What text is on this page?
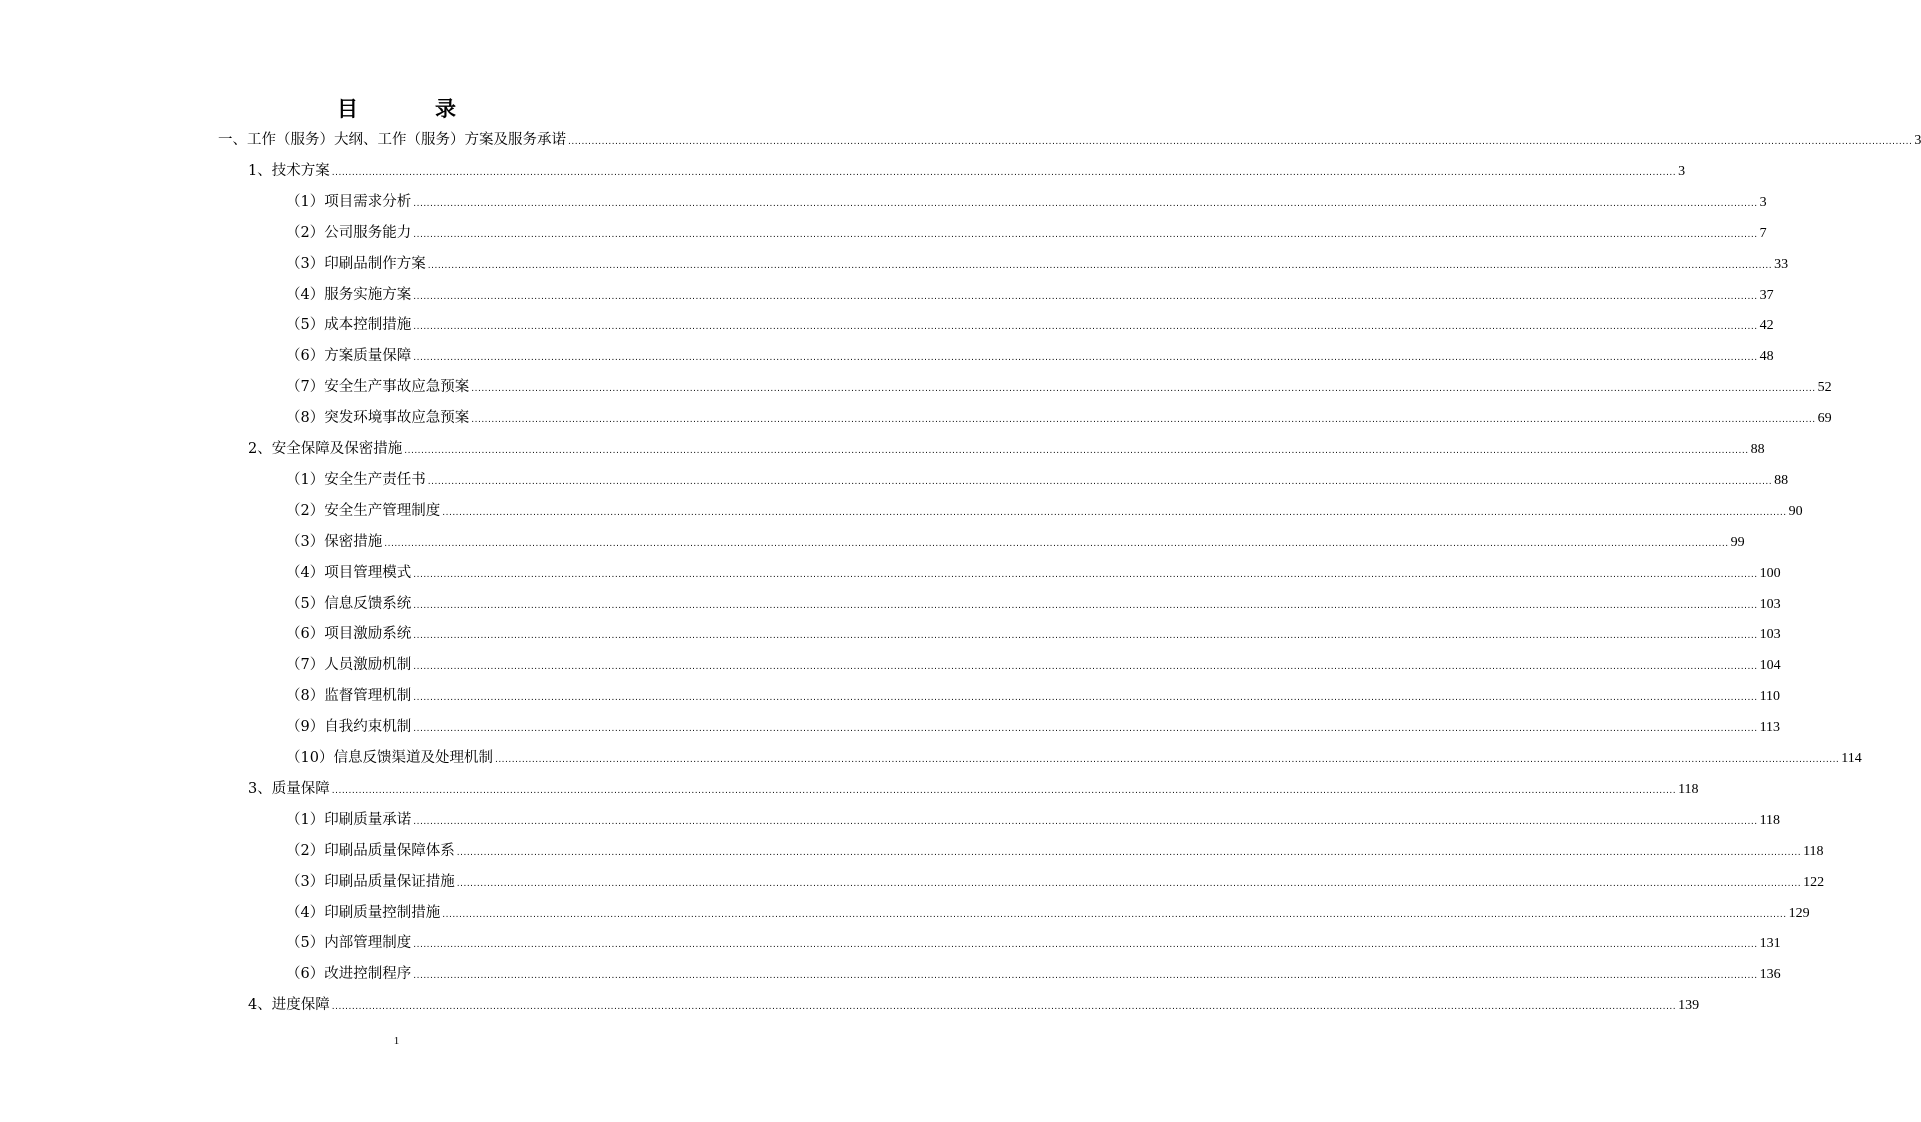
目　录
一、工作（服务）大纲、工作（服务）方案及服务承诺 ................................................................................................................................................................................................................................................................................................................................................................................................................ 3
1、技术方案 ................................................................................................................................................................................................................................................................................................................................................................................................................ 3
（1）项目需求分析 ................................................................................................................................................................................................................................................................................................................................................................................................................ 3
（2）公司服务能力 ................................................................................................................................................................................................................................................................................................................................................................................................................ 7
（3）印刷品制作方案 ................................................................................................................................................................................................................................................................................................................................................................................................................ 33
（4）服务实施方案 ................................................................................................................................................................................................................................................................................................................................................................................................................ 37
（5）成本控制措施 ................................................................................................................................................................................................................................................................................................................................................................................................................ 42
（6）方案质量保障 ................................................................................................................................................................................................................................................................................................................................................................................................................ 48
（7）安全生产事故应急预案 ................................................................................................................................................................................................................................................................................................................................................................................................................ 52
（8）突发环境事故应急预案 ................................................................................................................................................................................................................................................................................................................................................................................................................ 69
2、安全保障及保密措施 ................................................................................................................................................................................................................................................................................................................................................................................................................ 88
（1）安全生产责任书 ................................................................................................................................................................................................................................................................................................................................................................................................................ 88
（2）安全生产管理制度 ................................................................................................................................................................................................................................................................................................................................................................................................................ 90
（3）保密措施 ................................................................................................................................................................................................................................................................................................................................................................................................................ 99
（4）项目管理模式 ................................................................................................................................................................................................................................................................................................................................................................................................................ 100
（5）信息反馈系统 ................................................................................................................................................................................................................................................................................................................................................................................................................ 103
（6）项目激励系统 ................................................................................................................................................................................................................................................................................................................................................................................................................ 103
（7）人员激励机制 ................................................................................................................................................................................................................................................................................................................................................................................................................ 104
（8）监督管理机制 ................................................................................................................................................................................................................................................................................................................................................................................................................ 110
（9）自我约束机制 ................................................................................................................................................................................................................................................................................................................................................................................................................ 113
（10）信息反馈渠道及处理机制 ................................................................................................................................................................................................................................................................................................................................................................................................................ 114
3、质量保障 ................................................................................................................................................................................................................................................................................................................................................................................................................ 118
（1）印刷质量承诺 ................................................................................................................................................................................................................................................................................................................................................................................................................ 118
（2）印刷品质量保障体系 ................................................................................................................................................................................................................................................................................................................................................................................................................ 118
（3）印刷品质量保证措施 ................................................................................................................................................................................................................................................................................................................................................................................................................ 122
（4）印刷质量控制措施 ................................................................................................................................................................................................................................................................................................................................................................................................................ 129
（5）内部管理制度 ................................................................................................................................................................................................................................................................................................................................................................................................................ 131
（6）改进控制程序 ................................................................................................................................................................................................................................................................................................................................................................................................................ 136
4、进度保障 ................................................................................................................................................................................................................................................................................................................................................................................................................ 139
1
